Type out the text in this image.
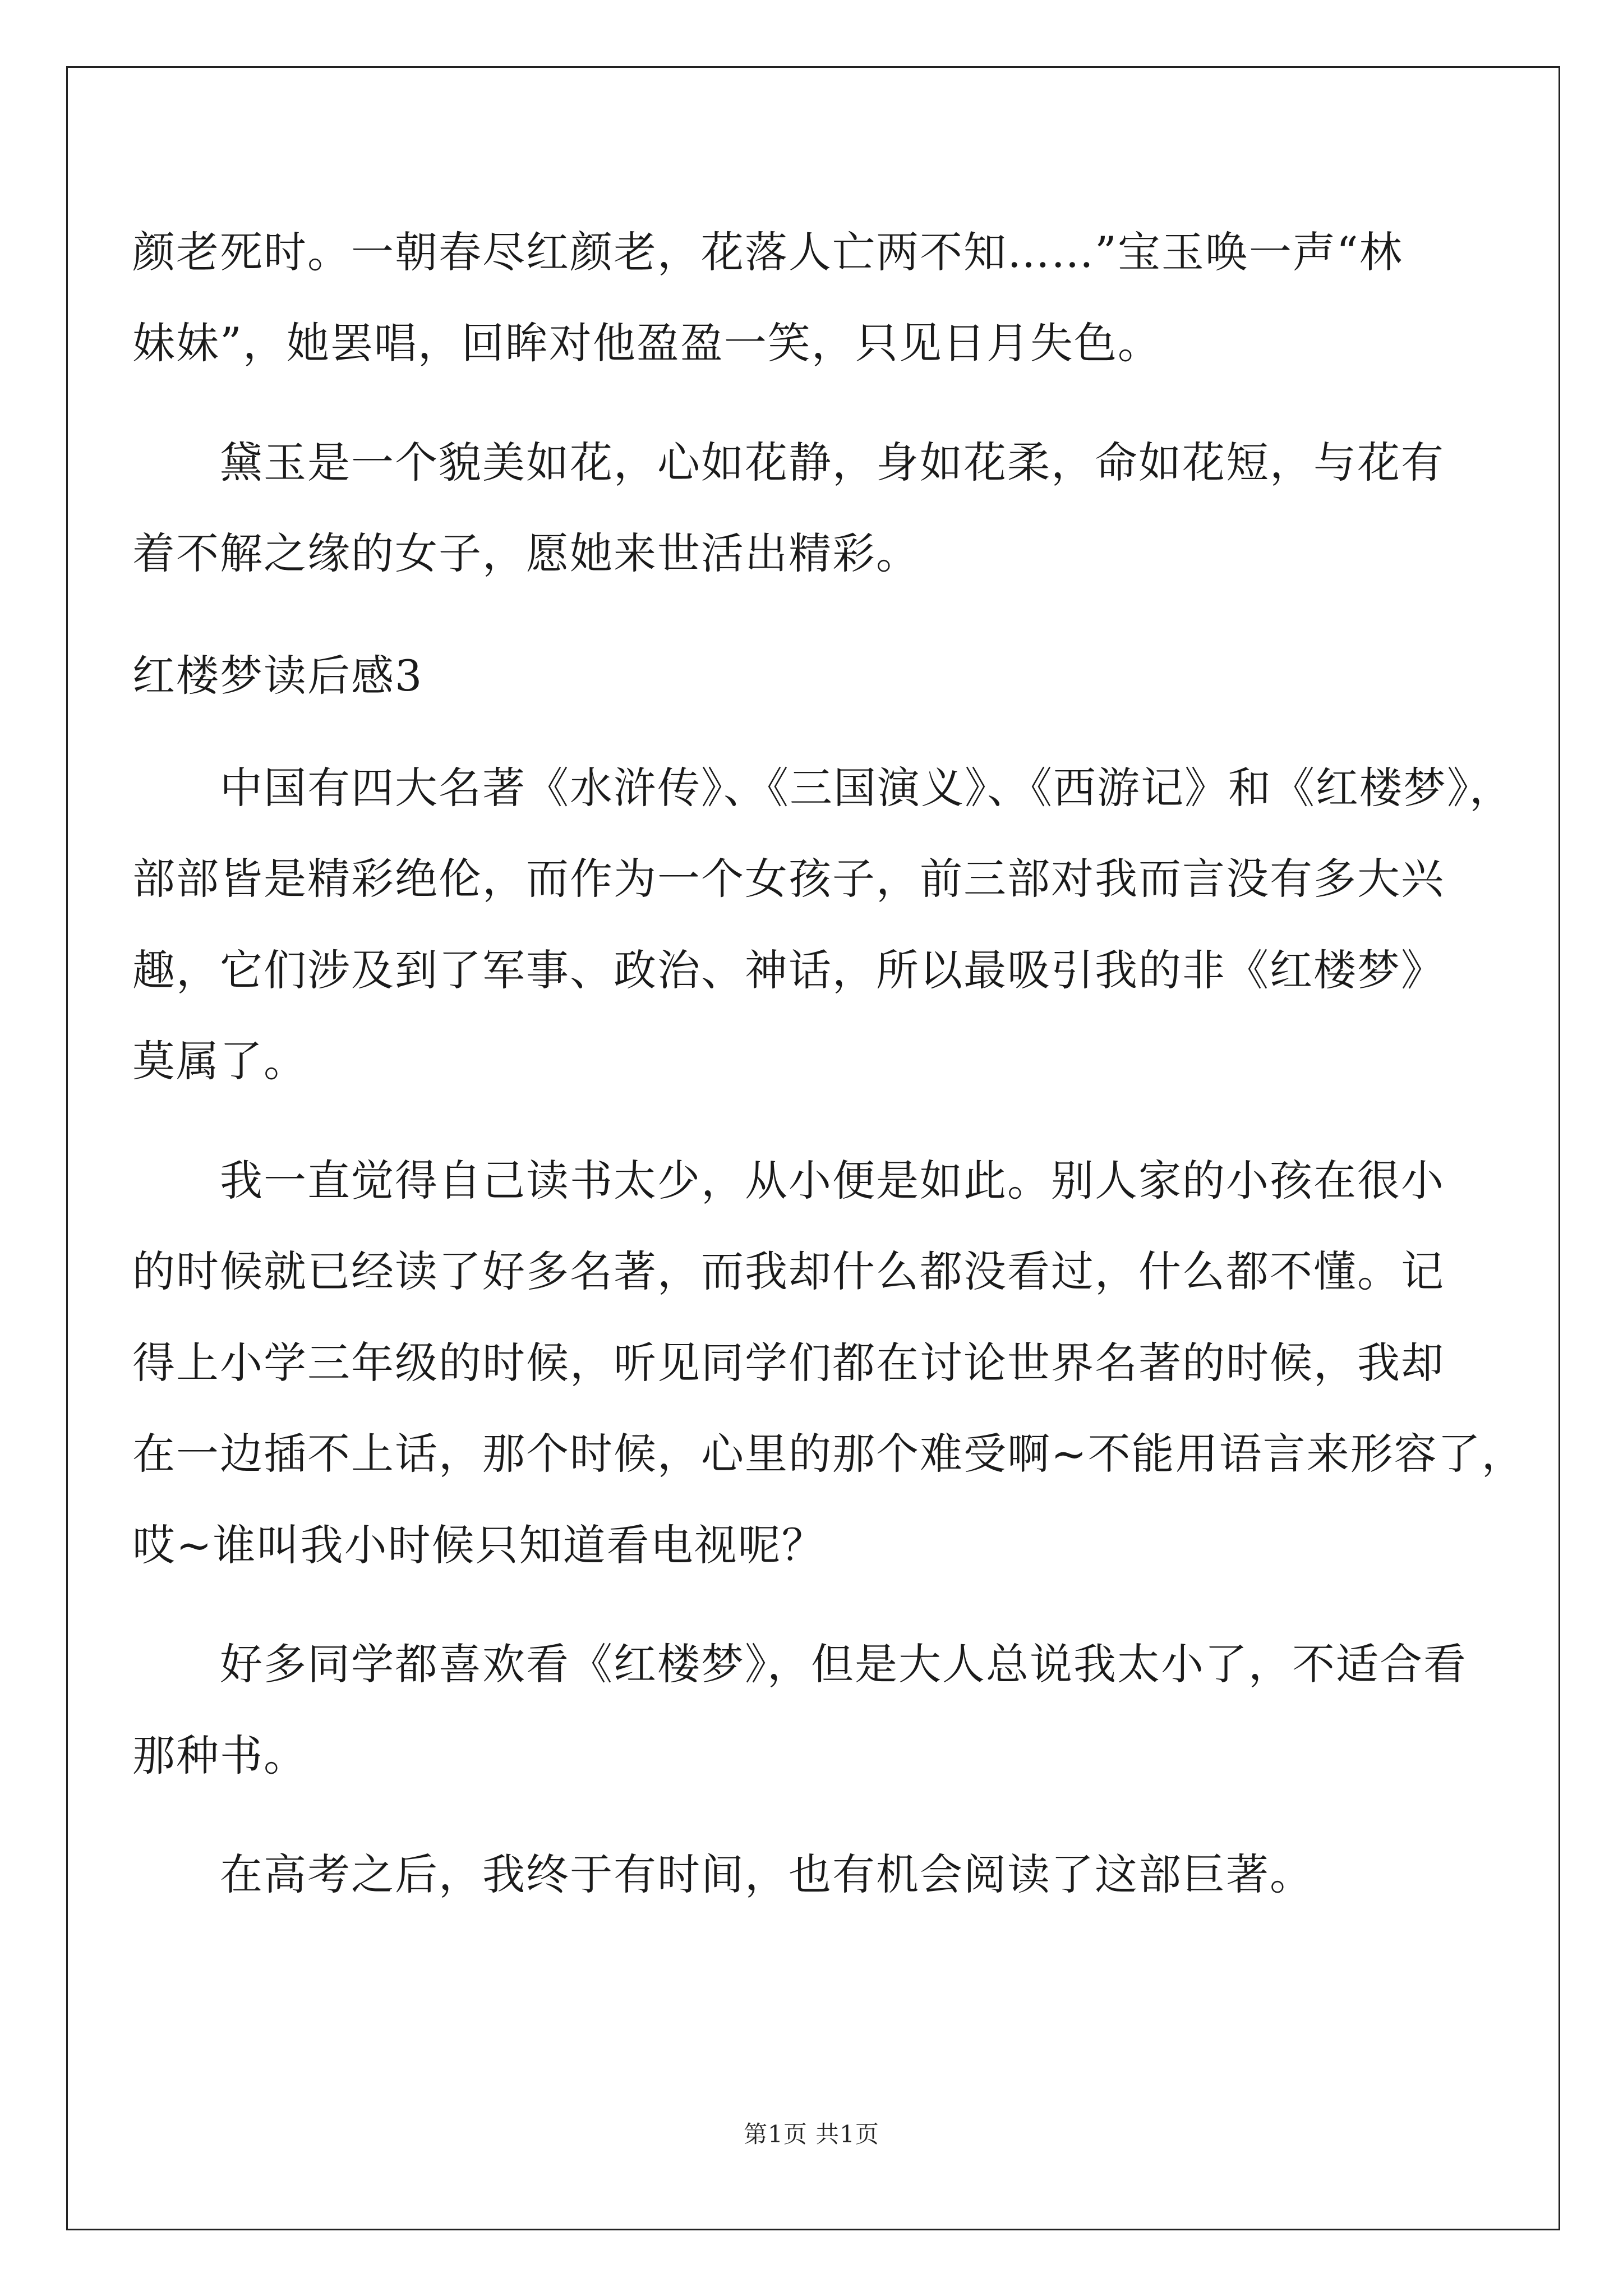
颜老死时。一朝春尽红颜老，花落人亡两不知……”宝玉唤一声“林
妹妹”，她罢唱，回眸对他盈盈一笑，只见日月失色。
黛玉是一个貌美如花，心如花静，身如花柔，命如花短，与花有
着不解之缘的女子，愿她来世活出精彩。
红楼梦读后感3
中国有四大名著《水浒传》、《三国演义》、《西游记》和《红楼梦》，
部部皆是精彩绝伦，而作为一个女孩子，前三部对我而言没有多大兴
趣，它们涉及到了军事、政治、神话，所以最吸引我的非《红楼梦》
莫属了。
我一直觉得自己读书太少，从小便是如此。别人家的小孩在很小
的时候就已经读了好多名著，而我却什么都没看过，什么都不懂。记
得上小学三年级的时候，听见同学们都在讨论世界名著的时候，我却
在一边插不上话，那个时候，心里的那个难受啊~不能用语言来形容了，
哎~谁叫我小时候只知道看电视呢？
好多同学都喜欢看《红楼梦》，但是大人总说我太小了，不适合看
那种书。
在高考之后，我终于有时间，也有机会阅读了这部巨著。
第1页 共1页
